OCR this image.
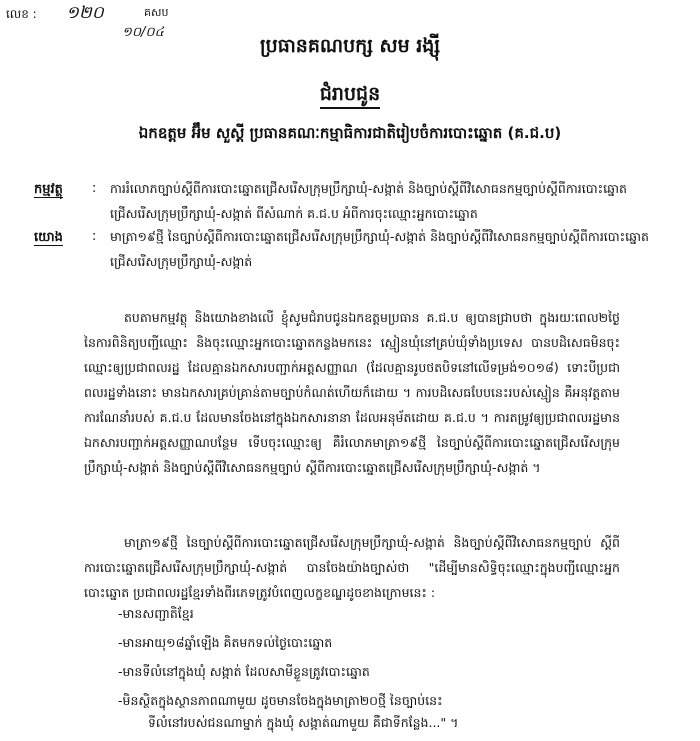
លេខ : ១២០	គសប
១០/០៤
ប្រធានគណបក្ស សម រង្ស៊ី
ជំរាបជូន
ឯកឧត្តម អ៊ឹម សួស្ដី ប្រធានគណៈកម្មាធិការជាតិរៀបចំការបោះឆ្នោត (គ.ជ.ប)
កម្មវត្ថុ : ការរំលោភច្បាប់ស្ដីពីការបោះឆ្នោតជ្រើសរើសក្រុមប្រឹក្សាឃុំ-សង្កាត់ និងច្បាប់ស្ដីពីវិសោធនកម្មច្បាប់ស្ដីពីការបោះឆ្នោតជ្រើសរើសក្រុមប្រឹក្សាឃុំ-សង្កាត់ ពីសំណាក់ គ.ជ.ប អំពីការចុះឈ្មោះអ្នកបោះឆ្នោត
យោង : មាត្រា១៩ថ្មី នៃច្បាប់ស្ដីពីការបោះឆ្នោតជ្រើសរើសក្រុមប្រឹក្សាឃុំ-សង្កាត់ និងច្បាប់ស្ដីពីវិសោធនកម្មច្បាប់ស្ដីពីការបោះឆ្នោតជ្រើសរើសក្រុមប្រឹក្សាឃុំ-សង្កាត់
តបតាមកម្មវត្ថុ និងយោងខាងលើ ខ្ញុំសូមជំរាបជូនឯកឧត្តមប្រធាន គ.ជ.ប ឲ្យបានជ្រាបថា ក្នុងរយៈពេល២ថ្ងៃ នៃការពិនិត្យបញ្ជីឈ្មោះ និងចុះឈ្មោះអ្នកបោះឆ្នោតកន្លងមកនេះ ស្មៀនឃុំនៅគ្រប់ឃុំទាំងប្រទេស បានបដិសេធមិនចុះឈ្មោះឲ្យប្រជាពលរដ្ឋ ដែលគ្មានឯកសារបញ្ជាក់អត្តសញ្ញាណ (ដែលគ្មានរូបថតបិទនៅលើទម្រង់១០១៨) ទោះបីប្រជាពលរដ្ឋទាំងនោះ មានឯកសារគ្រប់គ្រាន់តាមច្បាប់កំណត់ហើយក៏ដោយ ។ ការបដិសេធបែបនេះរបស់ស្មៀន គឺអនុវត្តតាមការណែនាំរបស់ គ.ជ.ប ដែលមានចែងនៅក្នុងឯកសារនានា ដែលអនុម័តដោយ គ.ជ.ប ។ ការតម្រូវឲ្យប្រជាពលរដ្ឋមានឯកសារបញ្ជាក់អត្តសញ្ញាណបន្ថែម ទើបចុះឈ្មោះឲ្យ គឺរំលោភមាត្រា១៩ថ្មី នៃច្បាប់ស្ដីពីការបោះឆ្នោតជ្រើសរើសក្រុមប្រឹក្សាឃុំ-សង្កាត់ និងច្បាប់ស្ដីពីវិសោធនកម្មច្បាប់ ស្ដីពីការបោះឆ្នោតជ្រើសរើសក្រុមប្រឹក្សាឃុំ-សង្កាត់ ។
មាត្រា១៩ថ្មី នៃច្បាប់ស្ដីពីការបោះឆ្នោតជ្រើសរើសក្រុមប្រឹក្សាឃុំ-សង្កាត់ និងច្បាប់ស្ដីពីវិសោធនកម្មច្បាប់ ស្ដីពីការបោះឆ្នោតជ្រើសរើសក្រុមប្រឹក្សាឃុំ-សង្កាត់ បានចែងយ៉ាងច្បាស់ថា "ដើម្បីមានសិទ្ធិចុះឈ្មោះក្នុងបញ្ជីឈ្មោះអ្នកបោះឆ្នោត ប្រជាពលរដ្ឋខ្មែរទាំងពីរភេទត្រូវបំពេញលក្ខខណ្ឌដូចខាងក្រោមនេះ :
-មានសញ្ជាតិខ្មែរ
-មានអាយុ១៨ឆ្នាំឡើង គិតមកទល់ថ្ងៃបោះឆ្នោត
-មានទីលំនៅក្នុងឃុំ សង្កាត់ ដែលសាមីខ្លួនត្រូវបោះឆ្នោត
-មិនស្ថិតក្នុងស្ថានភាពណាមួយ ដូចមានចែងក្នុងមាត្រា២០ថ្មី នៃច្បាប់នេះ
ទីលំនៅរបស់ជនណាម្នាក់ ក្នុងឃុំ សង្កាត់ណាមួយ គឺជាទីកន្លែង..." ។
